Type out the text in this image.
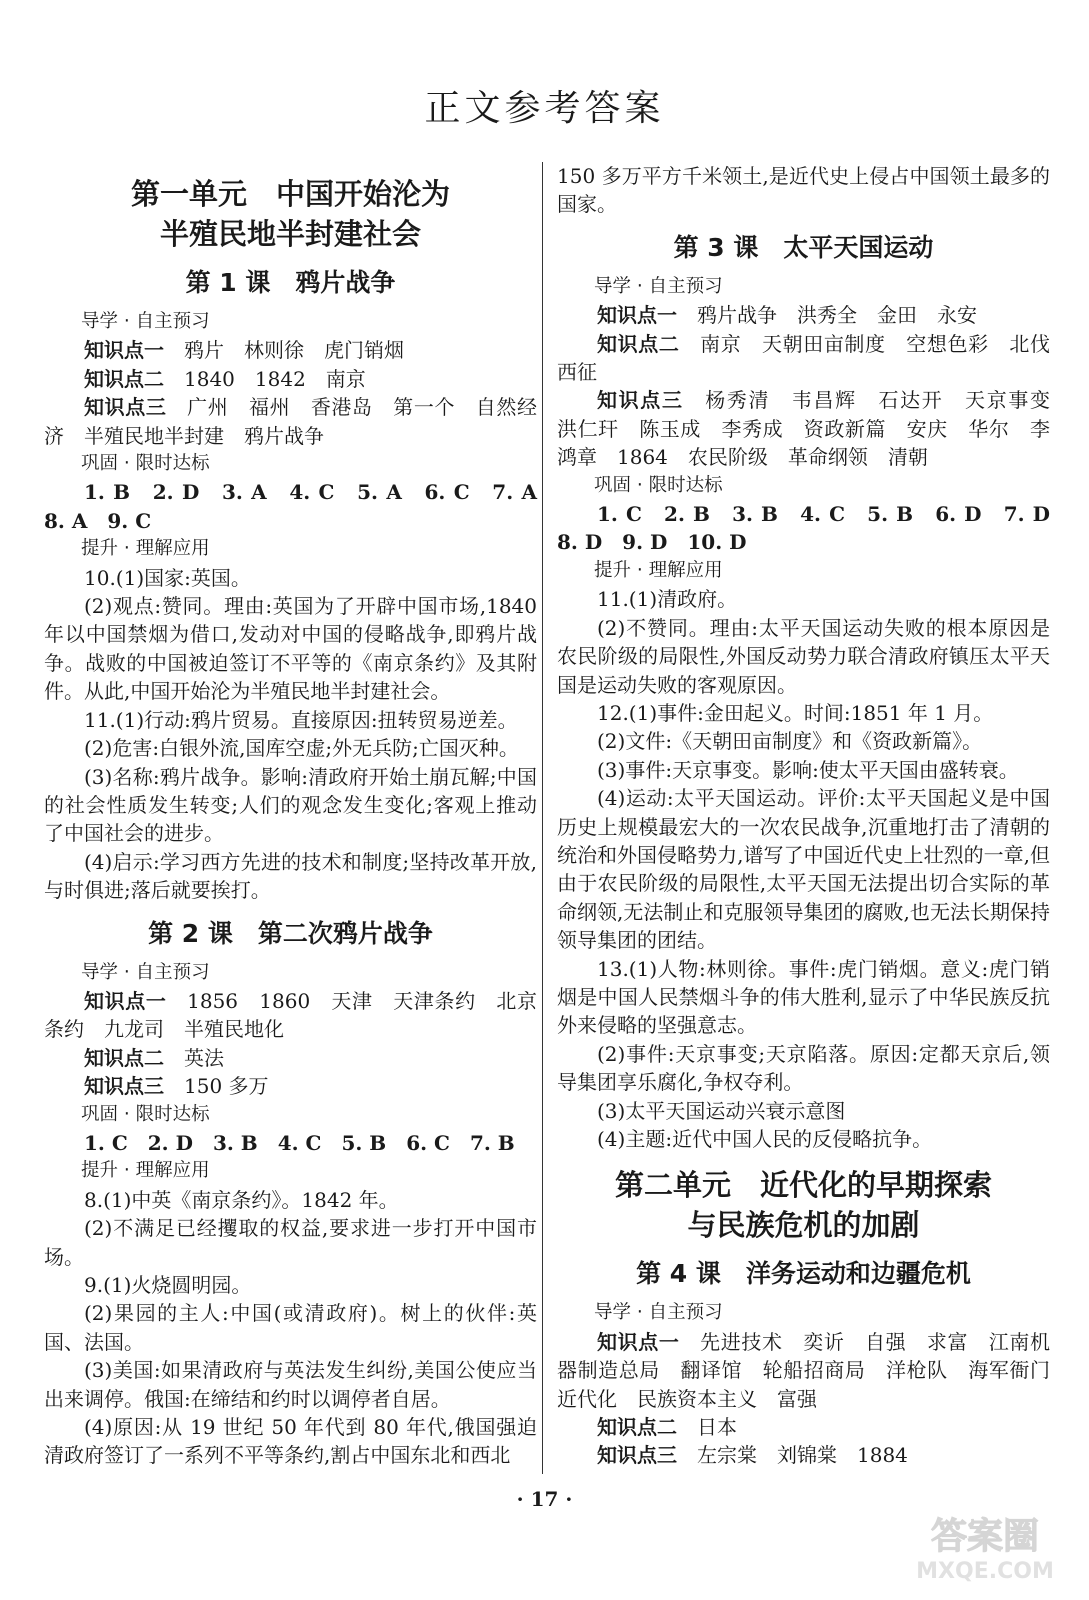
正文参考答案
第一单元　中国开始沦为
半殖民地半封建社会
第 1 课　鸦片战争

导学 · 自主预习

知识点一　鸦片　林则徐　虎门销烟

知识点二　1840　1842　南京

知识点三　广州　福州　香港岛　第一个　自然经济　半殖民地半封建　鸦片战争

巩固 · 限时达标

1. B　2. D　3. A　4. C　5. A　6. C　7. A　8. A　9. C

提升 · 理解应用

10.(1)国家:英国。

(2)观点:赞同。理由:英国为了开辟中国市场,1840年以中国禁烟为借口,发动对中国的侵略战争,即鸦片战争。战败的中国被迫签订不平等的《南京条约》及其附件。从此,中国开始沦为半殖民地半封建社会。

11.(1)行动:鸦片贸易。直接原因:扭转贸易逆差。

(2)危害:白银外流,国库空虚;外无兵防;亡国灭种。

(3)名称:鸦片战争。影响:清政府开始土崩瓦解;中国的社会性质发生转变;人们的观念发生变化;客观上推动了中国社会的进步。

(4)启示:学习西方先进的技术和制度;坚持改革开放,与时俱进;落后就要挨打。

第 2 课　第二次鸦片战争

导学 · 自主预习

知识点一　1856　1860　天津　天津条约　北京条约　九龙司　半殖民地化

知识点二　英法

知识点三　150 多万

巩固 · 限时达标

1. C　2. D　3. B　4. C　5. B　6. C　7. B

提升 · 理解应用

8.(1)中英《南京条约》。1842 年。

(2)不满足已经攫取的权益,要求进一步打开中国市场。

9.(1)火烧圆明园。

(2)果园的主人:中国(或清政府)。树上的伙伴:英国、法国。

(3)美国:如果清政府与英法发生纠纷,美国公使应当出来调停。俄国:在缔结和约时以调停者自居。

(4)原因:从 19 世纪 50 年代到 80 年代,俄国强迫清政府签订了一系列不平等条约,割占中国东北和西北

150 多万平方千米领土,是近代史上侵占中国领土最多的国家。

第 3 课　太平天国运动

导学 · 自主预习

知识点一　鸦片战争　洪秀全　金田　永安

知识点二　南京　天朝田亩制度　空想色彩　北伐　西征

知识点三　杨秀清　韦昌辉　石达开　天京事变　洪仁玕　陈玉成　李秀成　资政新篇　安庆　华尔　李鸿章　1864　农民阶级　革命纲领　清朝

巩固 · 限时达标

1. C　2. B　3. B　4. C　5. B　6. D　7. D　8. D　9. D　10. D

提升 · 理解应用

11.(1)清政府。

(2)不赞同。理由:太平天国运动失败的根本原因是农民阶级的局限性,外国反动势力联合清政府镇压太平天国是运动失败的客观原因。

12.(1)事件:金田起义。时间:1851 年 1 月。

(2)文件:《天朝田亩制度》和《资政新篇》。

(3)事件:天京事变。影响:使太平天国由盛转衰。

(4)运动:太平天国运动。评价:太平天国起义是中国历史上规模最宏大的一次农民战争,沉重地打击了清朝的统治和外国侵略势力,谱写了中国近代史上壮烈的一章,但由于农民阶级的局限性,太平天国无法提出切合实际的革命纲领,无法制止和克服领导集团的腐败,也无法长期保持领导集团的团结。

13.(1)人物:林则徐。事件:虎门销烟。意义:虎门销烟是中国人民禁烟斗争的伟大胜利,显示了中华民族反抗外来侵略的坚强意志。

(2)事件:天京事变;天京陷落。原因:定都天京后,领导集团享乐腐化,争权夺利。

(3)太平天国运动兴衰示意图

(4)主题:近代中国人民的反侵略抗争。

第二单元　近代化的早期探索
与民族危机的加剧
第 4 课　洋务运动和边疆危机

导学 · 自主预习

知识点一　先进技术　奕䜣　自强　求富　江南机器制造总局　翻译馆　轮船招商局　洋枪队　海军衙门　近代化　民族资本主义　富强

知识点二　日本

知识点三　左宗棠　刘锦棠　1884

· 17 ·
答案圈
MXQE.COM
